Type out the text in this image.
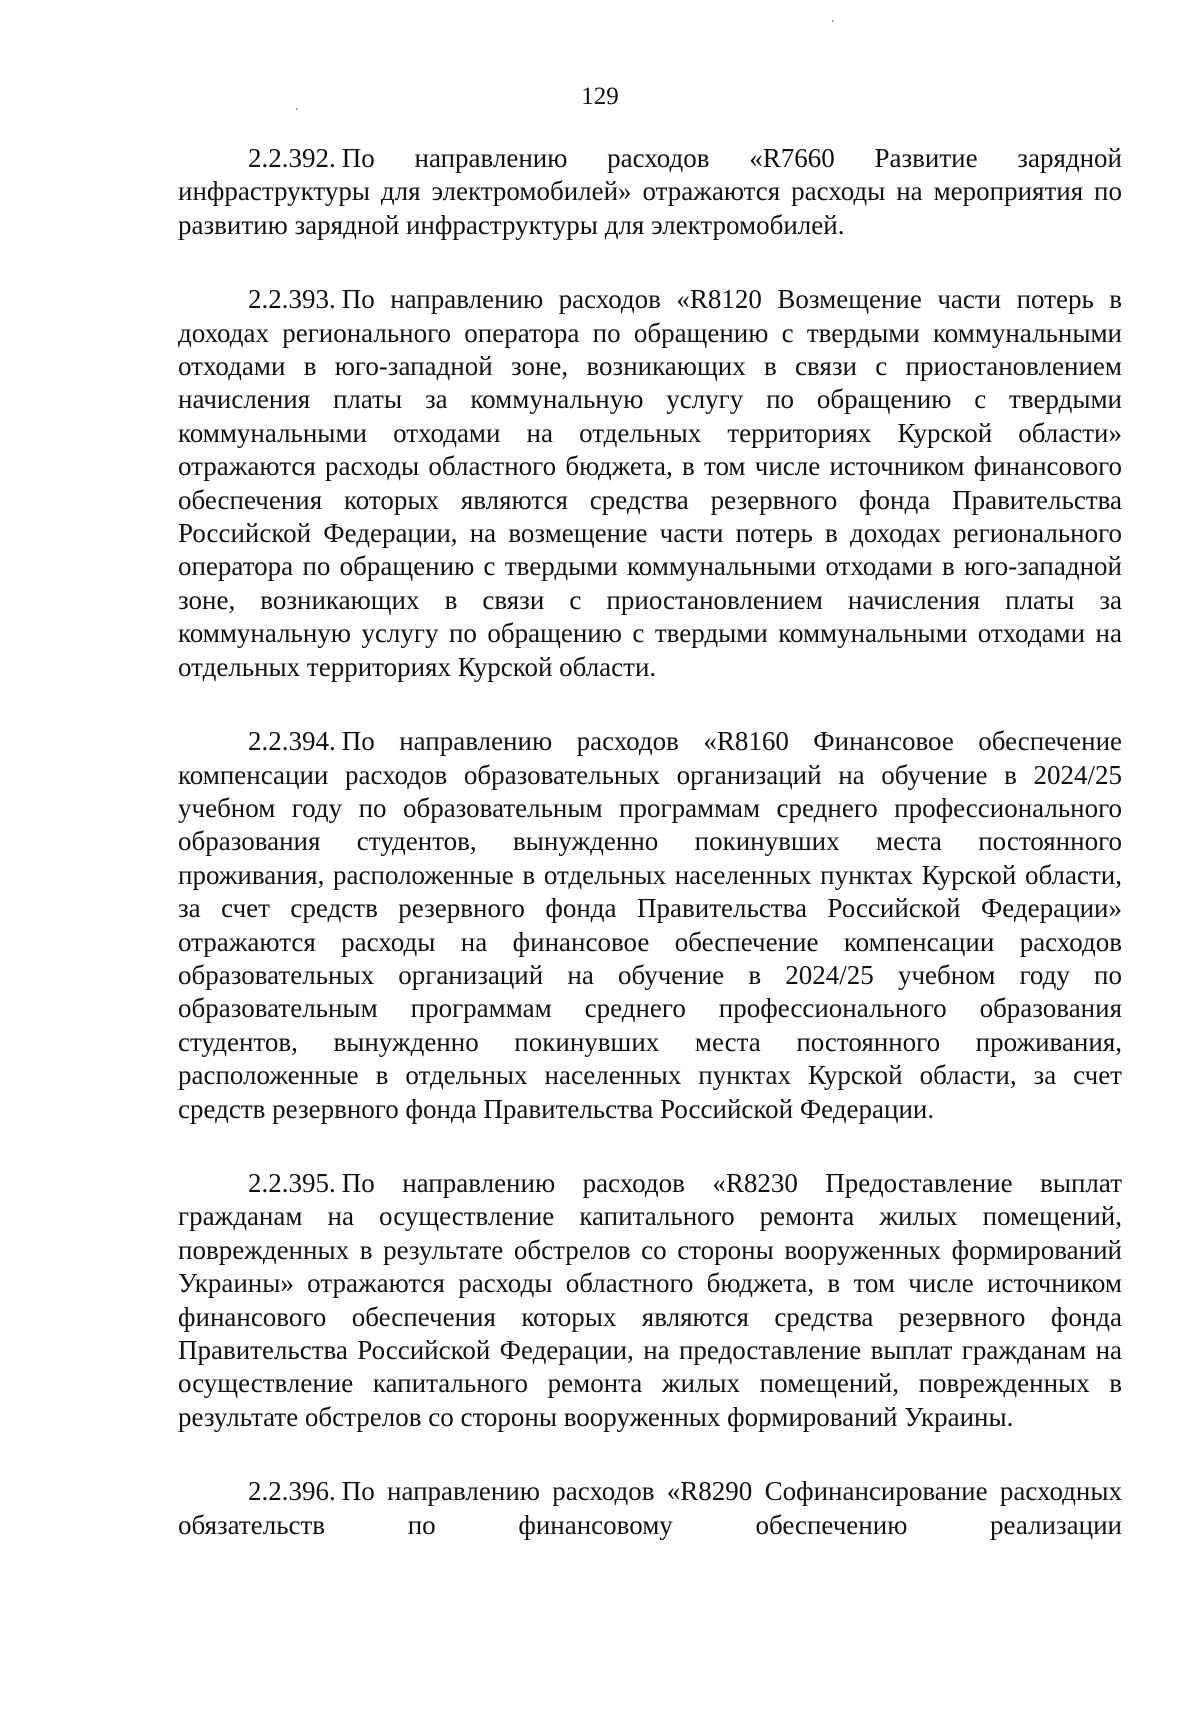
129

2.2.392. По направлению расходов «R7660 Развитие зарядной инфраструктуры для электромобилей» отражаются расходы на мероприятия по развитию зарядной инфраструктуры для электромобилей.

2.2.393. По направлению расходов «R8120 Возмещение части потерь в доходах регионального оператора по обращению с твердыми коммунальными отходами в юго-западной зоне, возникающих в связи с приостановлением начисления платы за коммунальную услугу по обращению с твердыми коммунальными отходами на отдельных территориях Курской области» отражаются расходы областного бюджета, в том числе источником финансового обеспечения которых являются средства резервного фонда Правительства Российской Федерации, на возмещение части потерь в доходах регионального оператора по обращению с твердыми коммунальными отходами в юго-западной зоне, возникающих в связи с приостановлением начисления платы за коммунальную услугу по обращению с твердыми коммунальными отходами на отдельных территориях Курской области.

2.2.394. По направлению расходов «R8160 Финансовое обеспечение компенсации расходов образовательных организаций на обучение в 2024/25 учебном году по образовательным программам среднего профессионального образования студентов, вынужденно покинувших места постоянного проживания, расположенные в отдельных населенных пунктах Курской области, за счет средств резервного фонда Правительства Российской Федерации» отражаются расходы на финансовое обеспечение компенсации расходов образовательных организаций на обучение в 2024/25 учебном году по образовательным программам среднего профессионального образования студентов, вынужденно покинувших места постоянного проживания, расположенные в отдельных населенных пунктах Курской области, за счет средств резервного фонда Правительства Российской Федерации.

2.2.395. По направлению расходов «R8230 Предоставление выплат гражданам на осуществление капитального ремонта жилых помещений, поврежденных в результате обстрелов со стороны вооруженных формирований Украины» отражаются расходы областного бюджета, в том числе источником финансового обеспечения которых являются средства резервного фонда Правительства Российской Федерации, на предоставление выплат гражданам на осуществление капитального ремонта жилых помещений, поврежденных в результате обстрелов со стороны вооруженных формирований Украины.

2.2.396. По направлению расходов «R8290 Софинансирование расходных обязательств по финансовому обеспечению реализации
